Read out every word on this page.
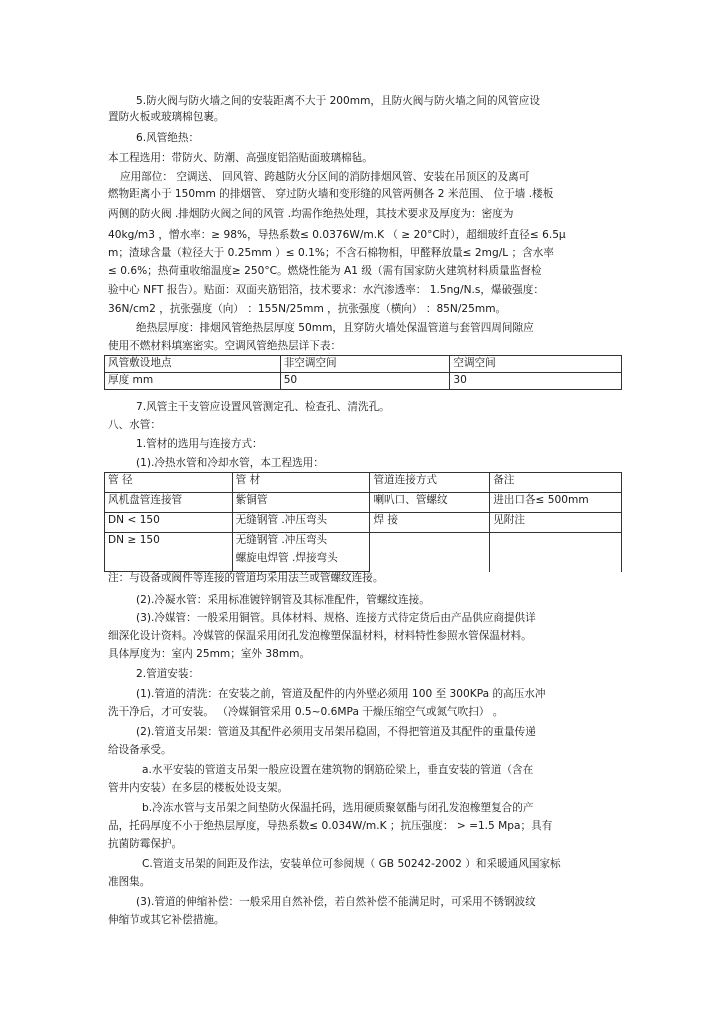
5.防火阀与防火墙之间的安装距离不大于 200mm，且防火阀与防火墙之间的风管应设
置防火板或玻璃棉包裹。
6.风管绝热：
本工程选用：带防火、防潮、高强度铝箔贴面玻璃棉毡。
应用部位： 空调送、 回风管、跨越防火分区间的消防排烟风管、安装在吊顶区的及离可
燃物距离小于 150mm 的排烟管、 穿过防火墙和变形缝的风管两侧各 2 米范围、 位于墙 .楼板
两侧的防火阀 .排烟防火阀之间的风管 .均需作绝热处理，其技术要求及厚度为：密度为
40kg/m3 ，憎水率：≥ 98%，导热系数≤ 0.0376W/m.K （ ≥ 20°C时），超细玻纤直径≤ 6.5μ
m；渣球含量（粒径大于 0.25mm ）≤ 0.1%；不含石棉物相，甲醛释放量≤ 2mg/L ；含水率
≤ 0.6%；热荷重收缩温度≥ 250°C。燃烧性能为 A1 级（需有国家防火建筑材料质量监督检
验中心 NFT 报告）。贴面：双面夹筋铝箔，技术要求：水汽渗透率： 1.5ng/N.s，爆破强度：
36N/cm2 ，抗张强度（向） ：155N/25mm ，抗张强度（横向） ：85N/25mm。
绝热层厚度：排烟风管绝热层厚度 50mm，且穿防火墙处保温管道与套管四周间隙应
使用不燃材料填塞密实。空调风管绝热层详下表：
风管敷设地点	非空调空间	空调空间
厚度 mm	50	30
7.风管主干支管应设置风管测定孔、检查孔、清洗孔。
八、水管：
1.管材的选用与连接方式：
(1).冷热水管和冷却水管，本工程选用：
管 径	管 材	管道连接方式	备注
风机盘管连接管	紫铜管	喇叭口、管螺纹	进出口各≤ 500mm
DN < 150	无缝钢管 .冲压弯头	焊 接	见附注
DN ≥ 150	无缝钢管 .冲压弯头
螺旋电焊管 .焊接弯头		

注：与设备或阀件等连接的管道均采用法兰或管螺纹连接。
(2).冷凝水管：采用标准镀锌钢管及其标准配件，管螺纹连接。
(3).冷媒管：一般采用铜管。具体材料、规格、连接方式待定货后由产品供应商提供详
细深化设计资料。冷媒管的保温采用闭孔发泡橡塑保温材料，材料特性参照水管保温材料。
具体厚度为：室内 25mm；室外 38mm。
2.管道安装：
(1).管道的清洗：在安装之前，管道及配件的内外壁必须用 100 至 300KPa 的高压水冲
洗干净后，才可安装。 （冷媒铜管采用 0.5~0.6MPa 干燥压缩空气或氮气吹扫） 。
(2).管道支吊架：管道及其配件必须用支吊架吊稳固，不得把管道及其配件的重量传递
给设备承受。
a.水平安装的管道支吊架一般应设置在建筑物的钢筋砼梁上，垂直安装的管道（含在
管井内安装）在多层的楼板处设支架。
b.冷冻水管与支吊架之间垫防火保温托码，选用硬质聚氨酯与闭孔发泡橡塑复合的产
品，托码厚度不小于绝热层厚度，导热系数≤ 0.034W/m.K ；抗压强度： > =1.5 Mpa；具有
抗菌防霉保护。
C.管道支吊架的间距及作法，安装单位可参阅规（ GB 50242-2002 ）和采暖通风国家标
准图集。
(3).管道的伸缩补偿：一般采用自然补偿，若自然补偿不能满足时，可采用不锈钢波纹
伸缩节或其它补偿措施。
